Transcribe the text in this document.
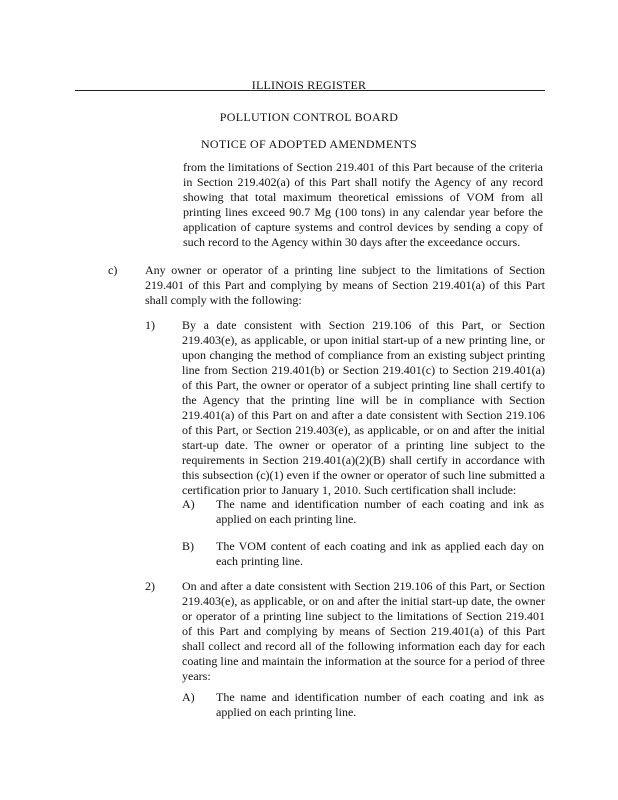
ILLINOIS REGISTER
POLLUTION CONTROL BOARD
NOTICE OF ADOPTED AMENDMENTS
from the limitations of Section 219.401 of this Part because of the criteria in Section 219.402(a) of this Part shall notify the Agency of any record showing that total maximum theoretical emissions of VOM from all printing lines exceed 90.7 Mg (100 tons) in any calendar year before the application of capture systems and control devices by sending a copy of such record to the Agency within 30 days after the exceedance occurs.
c) Any owner or operator of a printing line subject to the limitations of Section 219.401 of this Part and complying by means of Section 219.401(a) of this Part shall comply with the following:
1) By a date consistent with Section 219.106 of this Part, or Section 219.403(e), as applicable, or upon initial start-up of a new printing line, or upon changing the method of compliance from an existing subject printing line from Section 219.401(b) or Section 219.401(c) to Section 219.401(a) of this Part, the owner or operator of a subject printing line shall certify to the Agency that the printing line will be in compliance with Section 219.401(a) of this Part on and after a date consistent with Section 219.106 of this Part, or Section 219.403(e), as applicable, or on and after the initial start-up date. The owner or operator of a printing line subject to the requirements in Section 219.401(a)(2)(B) shall certify in accordance with this subsection (c)(1) even if the owner or operator of such line submitted a certification prior to January 1, 2010. Such certification shall include:
A) The name and identification number of each coating and ink as applied on each printing line.
B) The VOM content of each coating and ink as applied each day on each printing line.
2) On and after a date consistent with Section 219.106 of this Part, or Section 219.403(e), as applicable, or on and after the initial start-up date, the owner or operator of a printing line subject to the limitations of Section 219.401 of this Part and complying by means of Section 219.401(a) of this Part shall collect and record all of the following information each day for each coating line and maintain the information at the source for a period of three years:
A) The name and identification number of each coating and ink as applied on each printing line.
